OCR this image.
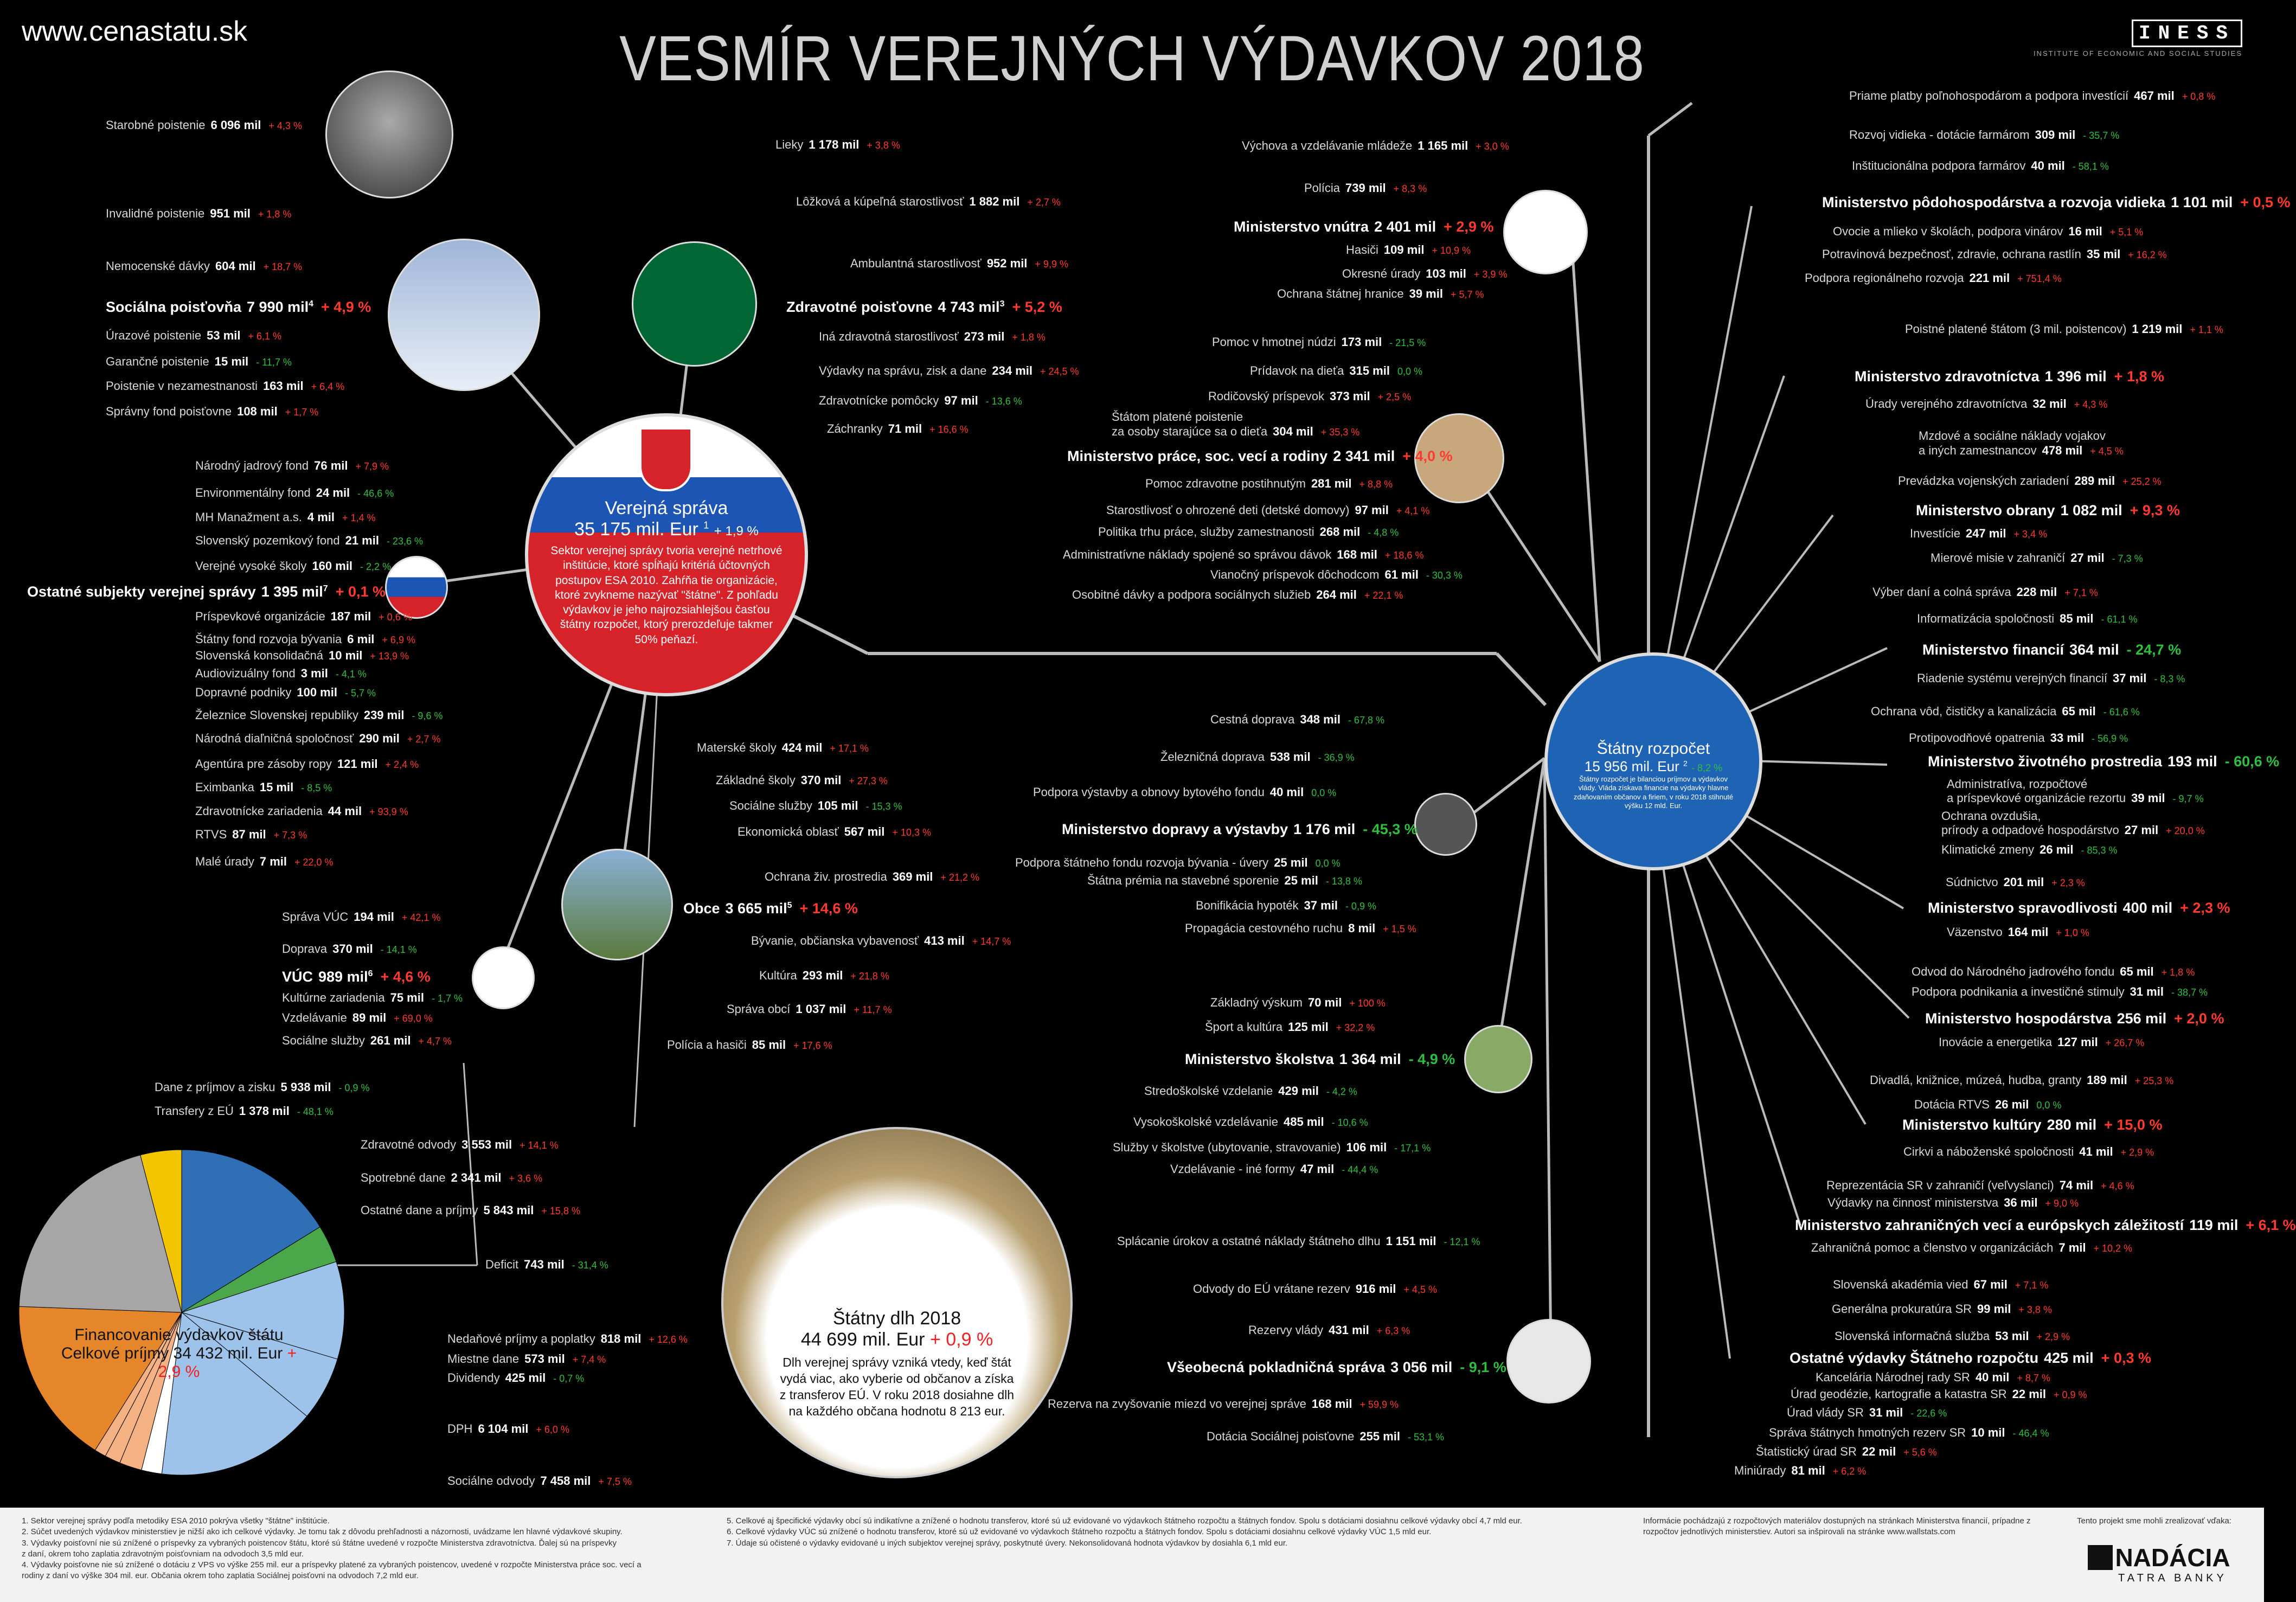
www.cenastatu.sk	VESMÍR VEREJNÝCH VÝDAVKOV 2018	INESS
INSTITUTE OF ECONOMIC AND SOCIAL STUDIES
Verejná správa
35 175 mil. Eur $^1$ + 1,9 %
Sektor verejnej správy tvoria verejné netrhové inštitúcie, ktoré spĺňajú kritériá účtovných postupov ESA 2010. Zahŕňa tie organizácie, ktoré zvykneme nazývať "štátne". Z pohľadu výdavkov je jeho najrozsiahlejšou časťou štátny rozpočet, ktorý prerozdeľuje takmer 50% peňazí.
Štátny rozpočet
15 956 mil. Eur $^2$ - 8,2 %
Štátny rozpočet je bilanciou príjmov a výdavkov vlády. Vláda získava financie na výdavky hlavne zdaňovaním občanov a firiem, v roku 2018 stihnuté výšku 12 mld. Eur.
Štátny dlh 2018
44 699 mil. Eur + 0,9 %
Dlh verejnej správy vzniká vtedy, keď štát vydá viac, ako vyberie od občanov a získa z transferov EÚ. V roku 2018 dosiahne dlh na každého občana hodnotu 8 213 eur.
Financovanie výdavkov štátu
Celkové príjmy 34 432 mil. Eur + 2,9 %
Starobné poistenie 6 096 mil + 4,3 %
Invalidné poistenie 951 mil + 1,8 %
Nemocenské dávky 604 mil + 18,7 %
Sociálna poisťovňa 7 990 mil$^4$ + 4,9 %
Úrazové poistenie 53 mil + 6,1 %
Garančné poistenie 15 mil - 11,7 %
Poistenie v nezamestnanosti 163 mil + 6,4 %
Správny fond poisťovne 108 mil + 1,7 %
Národný jadrový fond 76 mil + 7,9 %
Environmentálny fond 24 mil - 46,6 %
MH Manažment a.s. 4 mil + 1,4 %
Slovenský pozemkový fond 21 mil - 23,6 %
Verejné vysoké školy 160 mil - 2,2 %
Ostatné subjekty verejnej správy 1 395 mil$^7$ + 0,1 %
Príspevkové organizácie 187 mil + 0,6 %
Štátny fond rozvoja bývania 6 mil + 6,9 %
Slovenská konsolidačná 10 mil + 13,9 %
Audiovizuálny fond 3 mil - 4,1 %
Dopravné podniky 100 mil - 5,7 %
Železnice Slovenskej republiky 239 mil - 9,6 %
Národná diaľničná spoločnosť 290 mil + 2,7 %
Agentúra pre zásoby ropy 121 mil + 2,4 %
Eximbanka 15 mil - 8,5 %
Zdravotnícke zariadenia 44 mil + 93,9 %
RTVS 87 mil + 7,3 %
Malé úrady 7 mil + 22,0 %
Správa VÚC 194 mil + 42,1 %
Doprava 370 mil - 14,1 %
VÚC 989 mil$^6$ + 4,6 %
Kultúrne zariadenia 75 mil - 1,7 %
Vzdelávanie 89 mil + 69,0 %
Sociálne služby 261 mil + 4,7 %
Lieky 1 178 mil + 3,8 %
Lôžková a kúpeľná starostlivosť 1 882 mil + 2,7 %
Ambulantná starostlivosť 952 mil + 9,9 %
Zdravotné poisťovne 4 743 mil$^3$ + 5,2 %
Iná zdravotná starostlivosť 273 mil + 1,8 %
Výdavky na správu, zisk a dane 234 mil + 24,5 %
Zdravotnícke pomôcky 97 mil - 13,6 %
Záchranky 71 mil + 16,6 %
Materské školy 424 mil + 17,1 %
Základné školy 370 mil + 27,3 %
Sociálne služby 105 mil - 15,3 %
Ekonomická oblasť 567 mil + 10,3 %
Ochrana živ. prostredia 369 mil + 21,2 %
Obce 3 665 mil$^5$ + 14,6 %
Bývanie, občianska vybavenosť 413 mil + 14,7 %
Kultúra 293 mil + 21,8 %
Správa obcí 1 037 mil + 11,7 %
Polícia a hasiči 85 mil + 17,6 %
Dane z príjmov a zisku 5 938 mil - 0,9 %
Transfery z EÚ 1 378 mil - 48,1 %
Zdravotné odvody 3 553 mil + 14,1 %
Spotrebné dane 2 341 mil + 3,6 %
Ostatné dane a príjmy 5 843 mil + 15,8 %
Deficit 743 mil - 31,4 %
Nedaňové príjmy a poplatky 818 mil + 12,6 %
Miestne dane 573 mil + 7,4 %
Dividendy 425 mil - 0,7 %
DPH 6 104 mil + 6,0 %
Sociálne odvody 7 458 mil + 7,5 %
Výchova a vzdelávanie mládeže 1 165 mil + 3,0 %
Polícia 739 mil + 8,3 %
Ministerstvo vnútra 2 401 mil + 2,9 %
Hasiči 109 mil + 10,9 %
Okresné úrady 103 mil + 3,9 %
Ochrana štátnej hranice 39 mil + 5,7 %
Pomoc v hmotnej núdzi 173 mil - 21,5 %
Prídavok na dieťa 315 mil 0,0 %
Rodičovský príspevok 373 mil + 2,5 %
Štátom platené poistenie
za osoby starajúce sa o dieťa 304 mil + 35,3 %
Ministerstvo práce, soc. vecí a rodiny 2 341 mil + 4,0 %
Pomoc zdravotne postihnutým 281 mil + 8,8 %
Starostlivosť o ohrozené deti (detské domovy) 97 mil + 4,1 %
Politika trhu práce, služby zamestnanosti 268 mil - 4,8 %
Administratívne náklady spojené so správou dávok 168 mil + 18,6 %
Vianočný príspevok dôchodcom 61 mil - 30,3 %
Osobitné dávky a podpora sociálnych služieb 264 mil + 22,1 %
Cestná doprava 348 mil - 67,8 %
Železničná doprava 538 mil - 36,9 %
Podpora výstavby a obnovy bytového fondu 40 mil 0,0 %
Ministerstvo dopravy a výstavby 1 176 mil - 45,3 %
Podpora štátneho fondu rozvoja bývania - úvery 25 mil 0,0 %
Štátna prémia na stavebné sporenie 25 mil - 13,8 %
Bonifikácia hypoték 37 mil - 0,9 %
Propagácia cestovného ruchu 8 mil + 1,5 %
Základný výskum 70 mil + 100 %
Šport a kultúra 125 mil + 32,2 %
Ministerstvo školstva 1 364 mil - 4,9 %
Stredoškolské vzdelanie 429 mil - 4,2 %
Vysokoškolské vzdelávanie 485 mil - 10,6 %
Služby v školstve (ubytovanie, stravovanie) 106 mil - 17,1 %
Vzdelávanie - iné formy 47 mil - 44,4 %
Splácanie úrokov a ostatné náklady štátneho dlhu 1 151 mil - 12,1 %
Odvody do EÚ vrátane rezerv 916 mil + 4,5 %
Rezervy vlády 431 mil + 6,3 %
Všeobecná pokladničná správa 3 056 mil - 9,1 %
Rezerva na zvyšovanie miezd vo verejnej správe 168 mil + 59,9 %
Dotácia Sociálnej poisťovne 255 mil - 53,1 %
Priame platby poľnohospodárom a podpora investícií 467 mil + 0,8 %
Rozvoj vidieka - dotácie farmárom 309 mil - 35,7 %
Inštitucionálna podpora farmárov 40 mil - 58,1 %
Ministerstvo pôdohospodárstva a rozvoja vidieka 1 101 mil + 0,5 %
Ovocie a mlieko v školách, podpora vinárov 16 mil + 5,1 %
Potravinová bezpečnosť, zdravie, ochrana rastlín 35 mil + 16,2 %
Podpora regionálneho rozvoja 221 mil + 751,4 %
Poistné platené štátom (3 mil. poistencov) 1 219 mil + 1,1 %
Ministerstvo zdravotníctva 1 396 mil + 1,8 %
Úrady verejného zdravotníctva 32 mil + 4,3 %
Mzdové a sociálne náklady vojakov
a iných zamestnancov 478 mil + 4,5 %
Prevádzka vojenských zariadení 289 mil + 25,2 %
Ministerstvo obrany 1 082 mil + 9,3 %
Investície 247 mil + 3,4 %
Mierové misie v zahraničí 27 mil - 7,3 %
Výber daní a colná správa 228 mil + 7,1 %
Informatizácia spoločnosti 85 mil - 61,1 %
Ministerstvo financií 364 mil - 24,7 %
Riadenie systému verejných financií 37 mil - 8,3 %
Ochrana vôd, čističky a kanalizácia 65 mil - 61,6 %
Protipovodňové opatrenia 33 mil - 56,9 %
Ministerstvo životného prostredia 193 mil - 60,6 %
Administratíva, rozpočtové
a príspevkové organizácie rezortu 39 mil - 9,7 %
Ochrana ovzdušia,
prírody a odpadové hospodárstvo 27 mil + 20,0 %
Klimatické zmeny 26 mil - 85,3 %
Súdnictvo 201 mil + 2,3 %
Ministerstvo spravodlivosti 400 mil + 2,3 %
Väzenstvo 164 mil + 1,0 %
Odvod do Národného jadrového fondu 65 mil + 1,8 %
Podpora podnikania a investičné stimuly 31 mil - 38,7 %
Ministerstvo hospodárstva 256 mil + 2,0 %
Inovácie a energetika 127 mil + 26,7 %
Divadlá, knižnice, múzeá, hudba, granty 189 mil + 25,3 %
Dotácia RTVS 26 mil 0,0 %
Ministerstvo kultúry 280 mil + 15,0 %
Cirkvi a náboženské spoločnosti 41 mil + 2,9 %
Reprezentácia SR v zahraničí (veľvyslanci) 74 mil + 4,6 %
Výdavky na činnosť ministerstva 36 mil + 9,0 %
Ministerstvo zahraničných vecí a európskych záležitostí 119 mil + 6,1 %
Zahraničná pomoc a členstvo v organizáciách 7 mil + 10,2 %
Slovenská akadémia vied 67 mil + 7,1 %
Generálna prokuratúra SR 99 mil + 3,8 %
Slovenská informačná služba 53 mil + 2,9 %
Ostatné výdavky Štátneho rozpočtu 425 mil + 0,3 %
Kancelária Národnej rady SR 40 mil + 8,7 %
Úrad geodézie, kartografie a katastra SR 22 mil + 0,9 %
Úrad vlády SR 31 mil - 22,6 %
Správa štátnych hmotných rezerv SR 10 mil - 46,4 %
Štatistický úrad SR 22 mil + 5,6 %
Miniúrady 81 mil + 6,2 %
1. Sektor verejnej správy podľa metodiky ESA 2010 pokrýva všetky "štátne" inštitúcie.
2. Súčet uvedených výdavkov ministerstiev je nižší ako ich celkové výdavky. Je tomu tak z dôvodu prehľadnosti a názornosti, uvádzame len hlavné výdavkové skupiny.
3. Výdavky poisťovní nie sú znížené o príspevky za vybraných poistencov štátu, ktoré sú štátne uvedené v rozpočte Ministerstva zdravotníctva. Ďalej sú na príspevky
z daní, okrem toho zaplatia zdravotným poisťovniam na odvodoch 3,5 mld eur.
4. Výdavky poisťovne nie sú znížené o dotáciu z VPS vo výške 255 mil. eur a príspevky platené za vybraných poistencov, uvedené v rozpočte Ministerstva práce soc. vecí a
rodiny z daní vo výške 304 mil. eur. Občania okrem toho zaplatia Sociálnej poisťovni na odvodoch 7,2 mld eur.
5. Celkové aj špecifické výdavky obcí sú indikatívne a znížené o hodnotu transferov, ktoré sú už evidované vo výdavkoch štátneho rozpočtu a štátnych fondov. Spolu s dotáciami dosiahnu celkové výdavky obcí 4,7 mld eur.
6. Celkové výdavky VÚC sú znížené o hodnotu transferov, ktoré sú už evidované vo výdavkoch štátneho rozpočtu a štátnych fondov. Spolu s dotáciami dosiahnu celkové výdavky VÚC 1,5 mld eur.
7. Údaje sú očistené o výdavky evidované u iných subjektov verejnej správy, poskytnuté úvery. Nekonsolidovaná hodnota výdavkov by dosiahla 6,1 mld eur.
Informácie pochádzajú z rozpočtových materiálov dostupných na stránkach Ministerstva financií, prípadne z rozpočtov jednotlivých ministerstiev. Autori sa inšpirovali na stránke www.wallstats.com
Tento projekt sme mohli zrealizovať vďaka:
NADÁCIA
TATRA BANKY
